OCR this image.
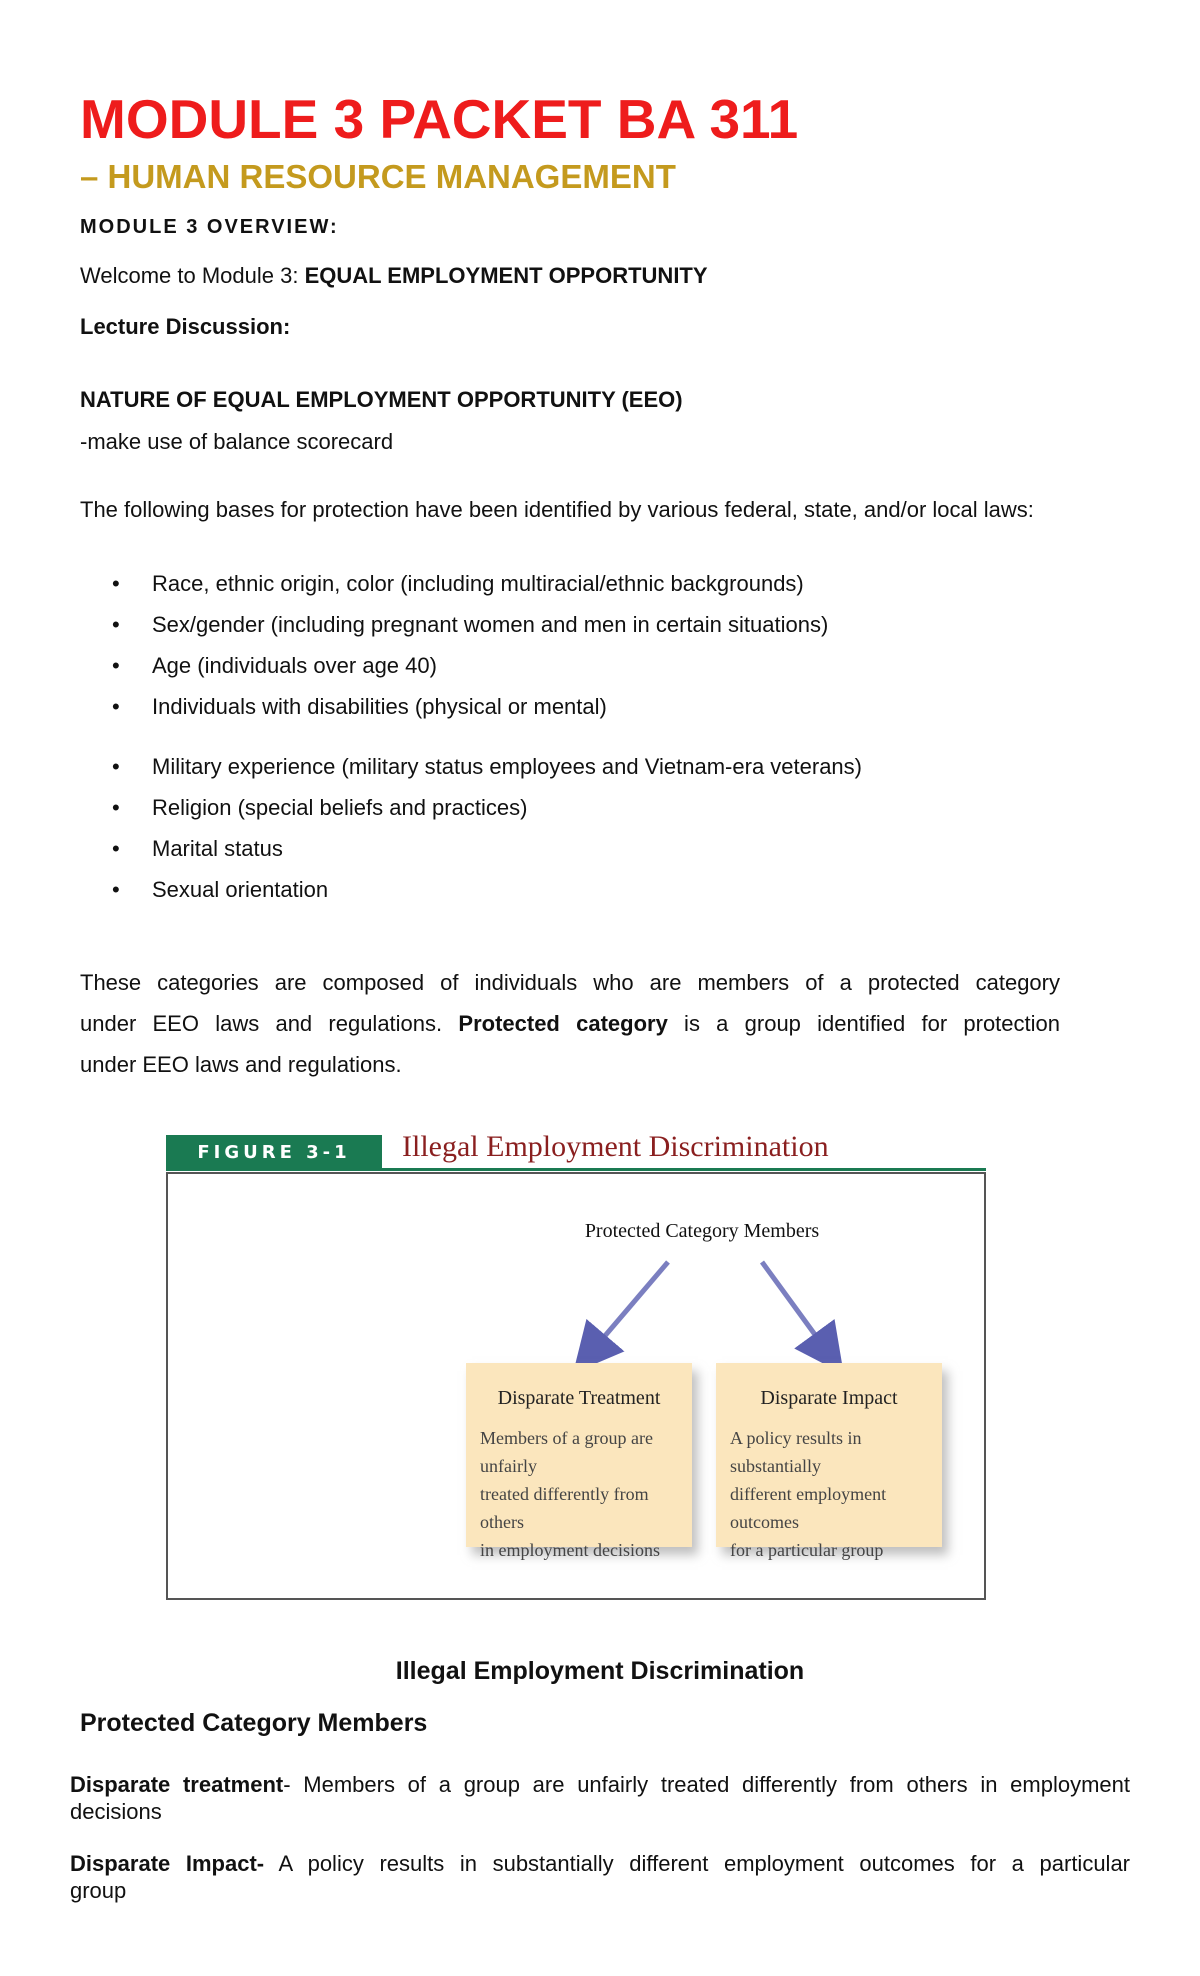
MODULE 3 PACKET BA 311
– HUMAN RESOURCE MANAGEMENT
MODULE 3 OVERVIEW:
Welcome to Module 3: EQUAL EMPLOYMENT OPPORTUNITY
Lecture Discussion:
NATURE OF EQUAL EMPLOYMENT OPPORTUNITY (EEO)
-make use of balance scorecard
The following bases for protection have been identified by various federal, state, and/or local laws:
• Race, ethnic origin, color (including multiracial/ethnic backgrounds)
• Sex/gender (including pregnant women and men in certain situations)
• Age (individuals over age 40)
• Individuals with disabilities (physical or mental)
• Military experience (military status employees and Vietnam-era veterans)
• Religion (special beliefs and practices)
• Marital status
• Sexual orientation
These categories are composed of individuals who are members of a protected category
under EEO laws and regulations. Protected category is a group identified for protection
under EEO laws and regulations.
FIGURE 3-1	Illegal Employment Discrimination
Protected Category Members
Disparate Treatment
Members of a group are unfairly
treated differently from others
in employment decisions
Disparate Impact
A policy results in substantially
different employment outcomes
for a particular group
Illegal Employment Discrimination
Protected Category Members
Disparate treatment- Members of a group are unfairly treated differently from others in employment
decisions
Disparate Impact- A policy results in substantially different employment outcomes for a particular
group
